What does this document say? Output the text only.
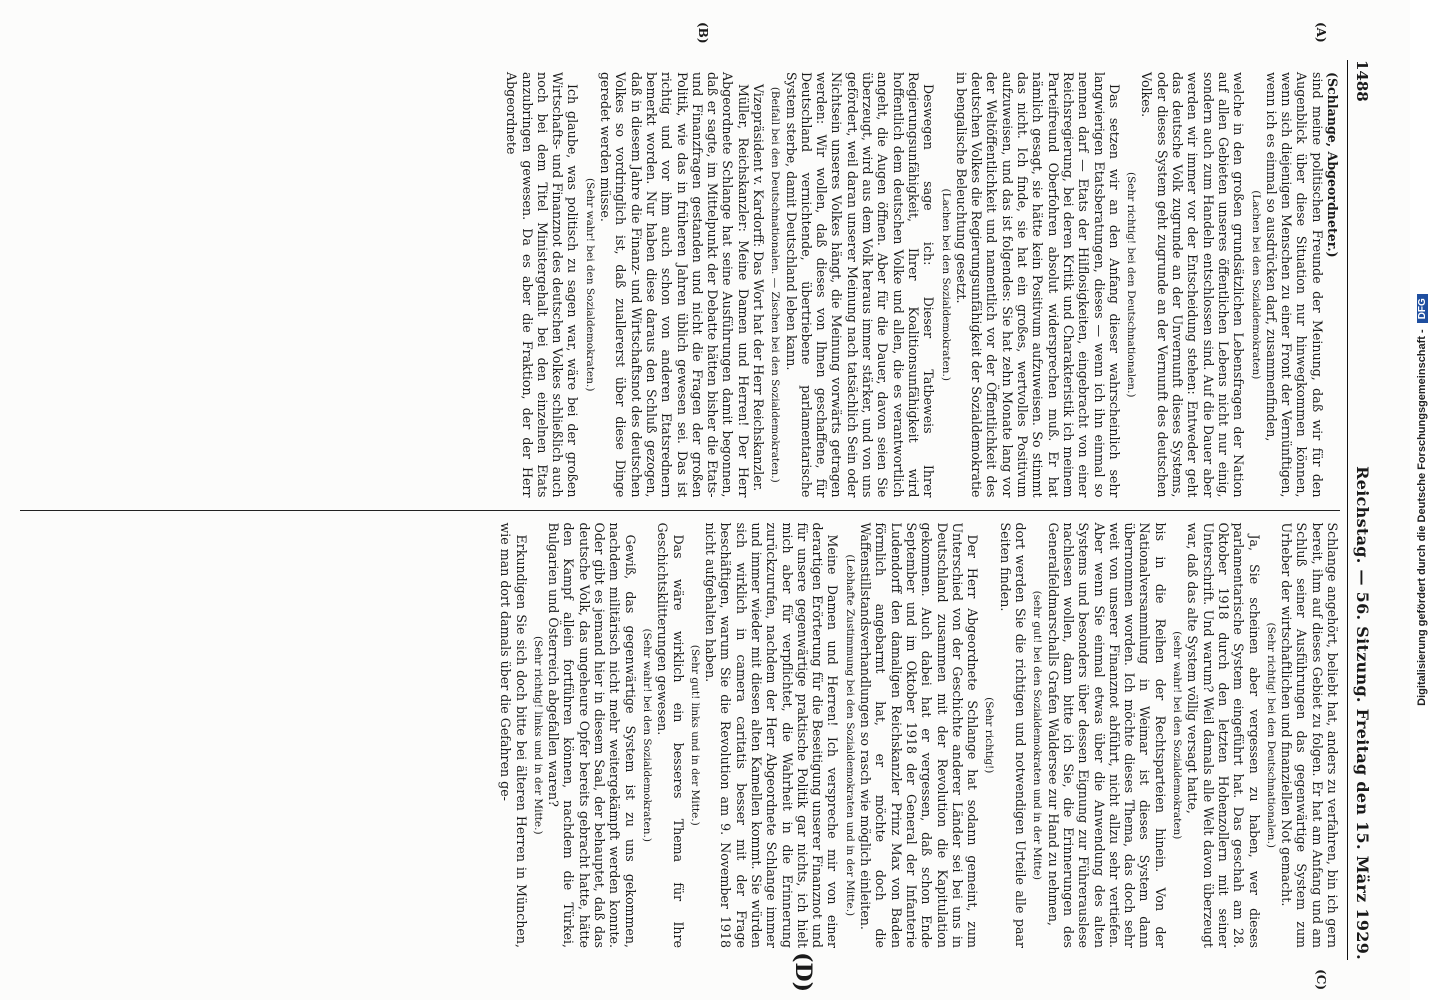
1488
Reichstag. — 56. Sitzung. Freitag den 15. März 1929.
(A)
(B)
(C)
(D)

(Schlange, Abgeordneter.)

sind meine politischen Freunde der Meinung, daß wir für den Augenblick über diese Situation nur hinwegkommen können, wenn sich diejenigen Menschen zu einer Front der Vernünftigen, wenn ich es einmal so ausdrücken darf, zusammenfinden,

(Lachen bei den Sozialdemokraten)

welche in den großen grundsätzlichen Lebensfragen der Nation auf allen Gebieten unseres öffentlichen Lebens nicht nur einig, sondern auch zum Handeln entschlossen sind. Auf die Dauer aber werden wir immer vor der Entscheidung stehen: Entweder geht das deutsche Volk zugrunde an der Unvernunft dieses Systems, oder dieses System geht zugrunde an der Vernunft des deutschen Volkes.

(Sehr richtig! bei den Deutschnationalen.)

Das setzen wir an den Anfang dieser wahrscheinlich sehr langwierigen Etatsberatungen, dieses — wenn ich ihn einmal so nennen darf — Etats der Hilflosigkeiten, eingebracht von einer Reichsregierung, bei deren Kritik und Charakteristik ich meinem Parteifreund Oberfohren absolut widersprechen muß. Er hat nämlich gesagt, sie hätte kein Positivum aufzuweisen. So stimmt das nicht. Ich finde, sie hat ein großes, wertvolles Positivum aufzuweisen, und das ist folgendes: Sie hat zehn Monate lang vor der Weltöffentlichkeit und namentlich vor der Öffentlichkeit des deutschen Volkes die Regierungsunfähigkeit der Sozialdemokratie in bengalische Beleuchtung gesetzt.

(Lachen bei den Sozialdemokraten.)

Deswegen sage ich: Dieser Tatbeweis Ihrer Regierungsunfähigkeit, Ihrer Koalitionsunfähigkeit wird hoffentlich dem deutschen Volke und allen, die es verantwortlich angeht, die Augen öffnen. Aber für die Dauer, davon seien Sie überzeugt, wird aus dem Volk heraus immer stärker, und von uns gefördert, weil daran unserer Meinung nach tatsächlich Sein oder Nichtsein unseres Volkes hängt, die Meinung vorwärts getragen werden: Wir wollen, daß dieses von Ihnen geschaffene, für Deutschland vernichtende, übertriebene parlamentarische System sterbe, damit Deutschland leben kann.

(Beifall bei den Deutschnationalen. — Zischen bei den Sozialdemokraten.)

Vizepräsident v. Kardorff: Das Wort hat der Herr Reichskanzler.

Müller, Reichskanzler: Meine Damen und Herren! Der Herr Abgeordnete Schlange hat seine Ausführungen damit begonnen, daß er sagte, im Mittelpunkt der Debatte hätten bisher die Etats- und Finanzfragen gestanden und nicht die Fragen der großen Politik, wie das in früheren Jahren üblich gewesen sei. Das ist richtig und vor ihm auch schon von anderen Etatsrednern bemerkt worden. Nur haben diese daraus den Schluß gezogen, daß in diesem Jahre die Finanz- und Wirtschaftsnot des deutschen Volkes so vordringlich ist, daß zuallererst über diese Dinge geredet werden müsse.

(Sehr wahr! bei den Sozialdemokraten.)

Ich glaube, was politisch zu sagen war, wäre bei der großen Wirtschafts- und Finanznot des deutschen Volkes schließlich auch noch bei dem Titel Ministergehalt bei den einzelnen Etats anzubringen gewesen. Da es aber die Fraktion, der der Herr Abgeordnete

Schlange angehört, beliebt hat, anders zu verfahren, bin ich gern bereit, ihm auf dieses Gebiet zu folgen. Er hat am Anfang und am Schluß seiner Ausführungen das gegenwärtige System zum Urheber der wirtschaftlichen und finanziellen Not gemacht.

(Sehr richtig! bei den Deutschnationalen.)

Ja, Sie scheinen aber vergessen zu haben, wer dieses parlamentarische System eingeführt hat. Das geschah am 28. Oktober 1918 durch den letzten Hohenzollern mit seiner Unterschrift. Und warum? Weil damals alle Welt davon überzeugt war, daß das alte System völlig versagt hatte,

(sehr wahr! bei den Sozialdemokraten)

bis in die Reihen der Rechtsparteien hinein. Von der Nationalversammlung in Weimar ist dieses System dann übernommen worden. Ich möchte dieses Thema, das doch sehr weit von unserer Finanznot abführt, nicht allzu sehr vertiefen. Aber wenn Sie einmal etwas über die Anwendung des alten Systems und besonders über dessen Eignung zur Führerauslese nachlesen wollen, dann bitte ich Sie, die Erinnerungen des Generalfeldmarschalls Grafen Waldersee zur Hand zu nehmen,

(sehr gut! bei den Sozialdemokraten und in der Mitte)

dort werden Sie die richtigen und notwendigen Urteile alle paar Seiten finden.

(Sehr richtig!)

Der Herr Abgeordnete Schlange hat sodann gemeint, zum Unterschied von der Geschichte anderer Länder sei bei uns in Deutschland zusammen mit der Revolution die Kapitulation gekommen. Auch dabei hat er vergessen, daß schon Ende September und im Oktober 1918 der General der Infanterie Ludendorff den damaligen Reichskanzler Prinz Max von Baden förmlich angebarmt hat, er möchte doch die Waffenstillstandsverhandlungen so rasch wie möglich einleiten.

(Lebhafte Zustimmung bei den Sozialdemokraten und in der Mitte.)

Meine Damen und Herren! Ich verspreche mir von einer derartigen Erörterung für die Beseitigung unserer Finanznot und für unsere gegenwärtige praktische Politik gar nichts, ich hielt mich aber für verpflichtet, die Wahrheit in die Erinnerung zurückzurufen, nachdem der Herr Abgeordnete Schlange immer und immer wieder mit diesen alten Kamellen kommt. Sie würden sich wirklich in camera caritatis besser mit der Frage beschäftigen, warum Sie die Revolution am 9. November 1918 nicht aufgehalten haben.

(Sehr gut! links und in der Mitte.)

Das wäre wirklich ein besseres Thema für Ihre Geschichtsklitterungen gewesen.

(Sehr wahr! bei den Sozialdemokraten.)

Gewiß, das gegenwärtige System ist zu uns gekommen, nachdem militärisch nicht mehr weitergekämpft werden konnte. Oder gibt es jemand hier in diesem Saal, der behauptet, daß das deutsche Volk, das ungeheure Opfer bereits gebracht hatte, hätte den Kampf allein fortführen können, nachdem die Türkei, Bulgarien und Österreich abgefallen waren?

(Sehr richtig! links und in der Mitte.)

Erkundigen Sie sich doch bitte bei älteren Herren in München, wie man dort damals über die Gefahren ge-	Digitalisierung gefördert durch die Deutsche Forschungsgemeinschaft -
DFG
